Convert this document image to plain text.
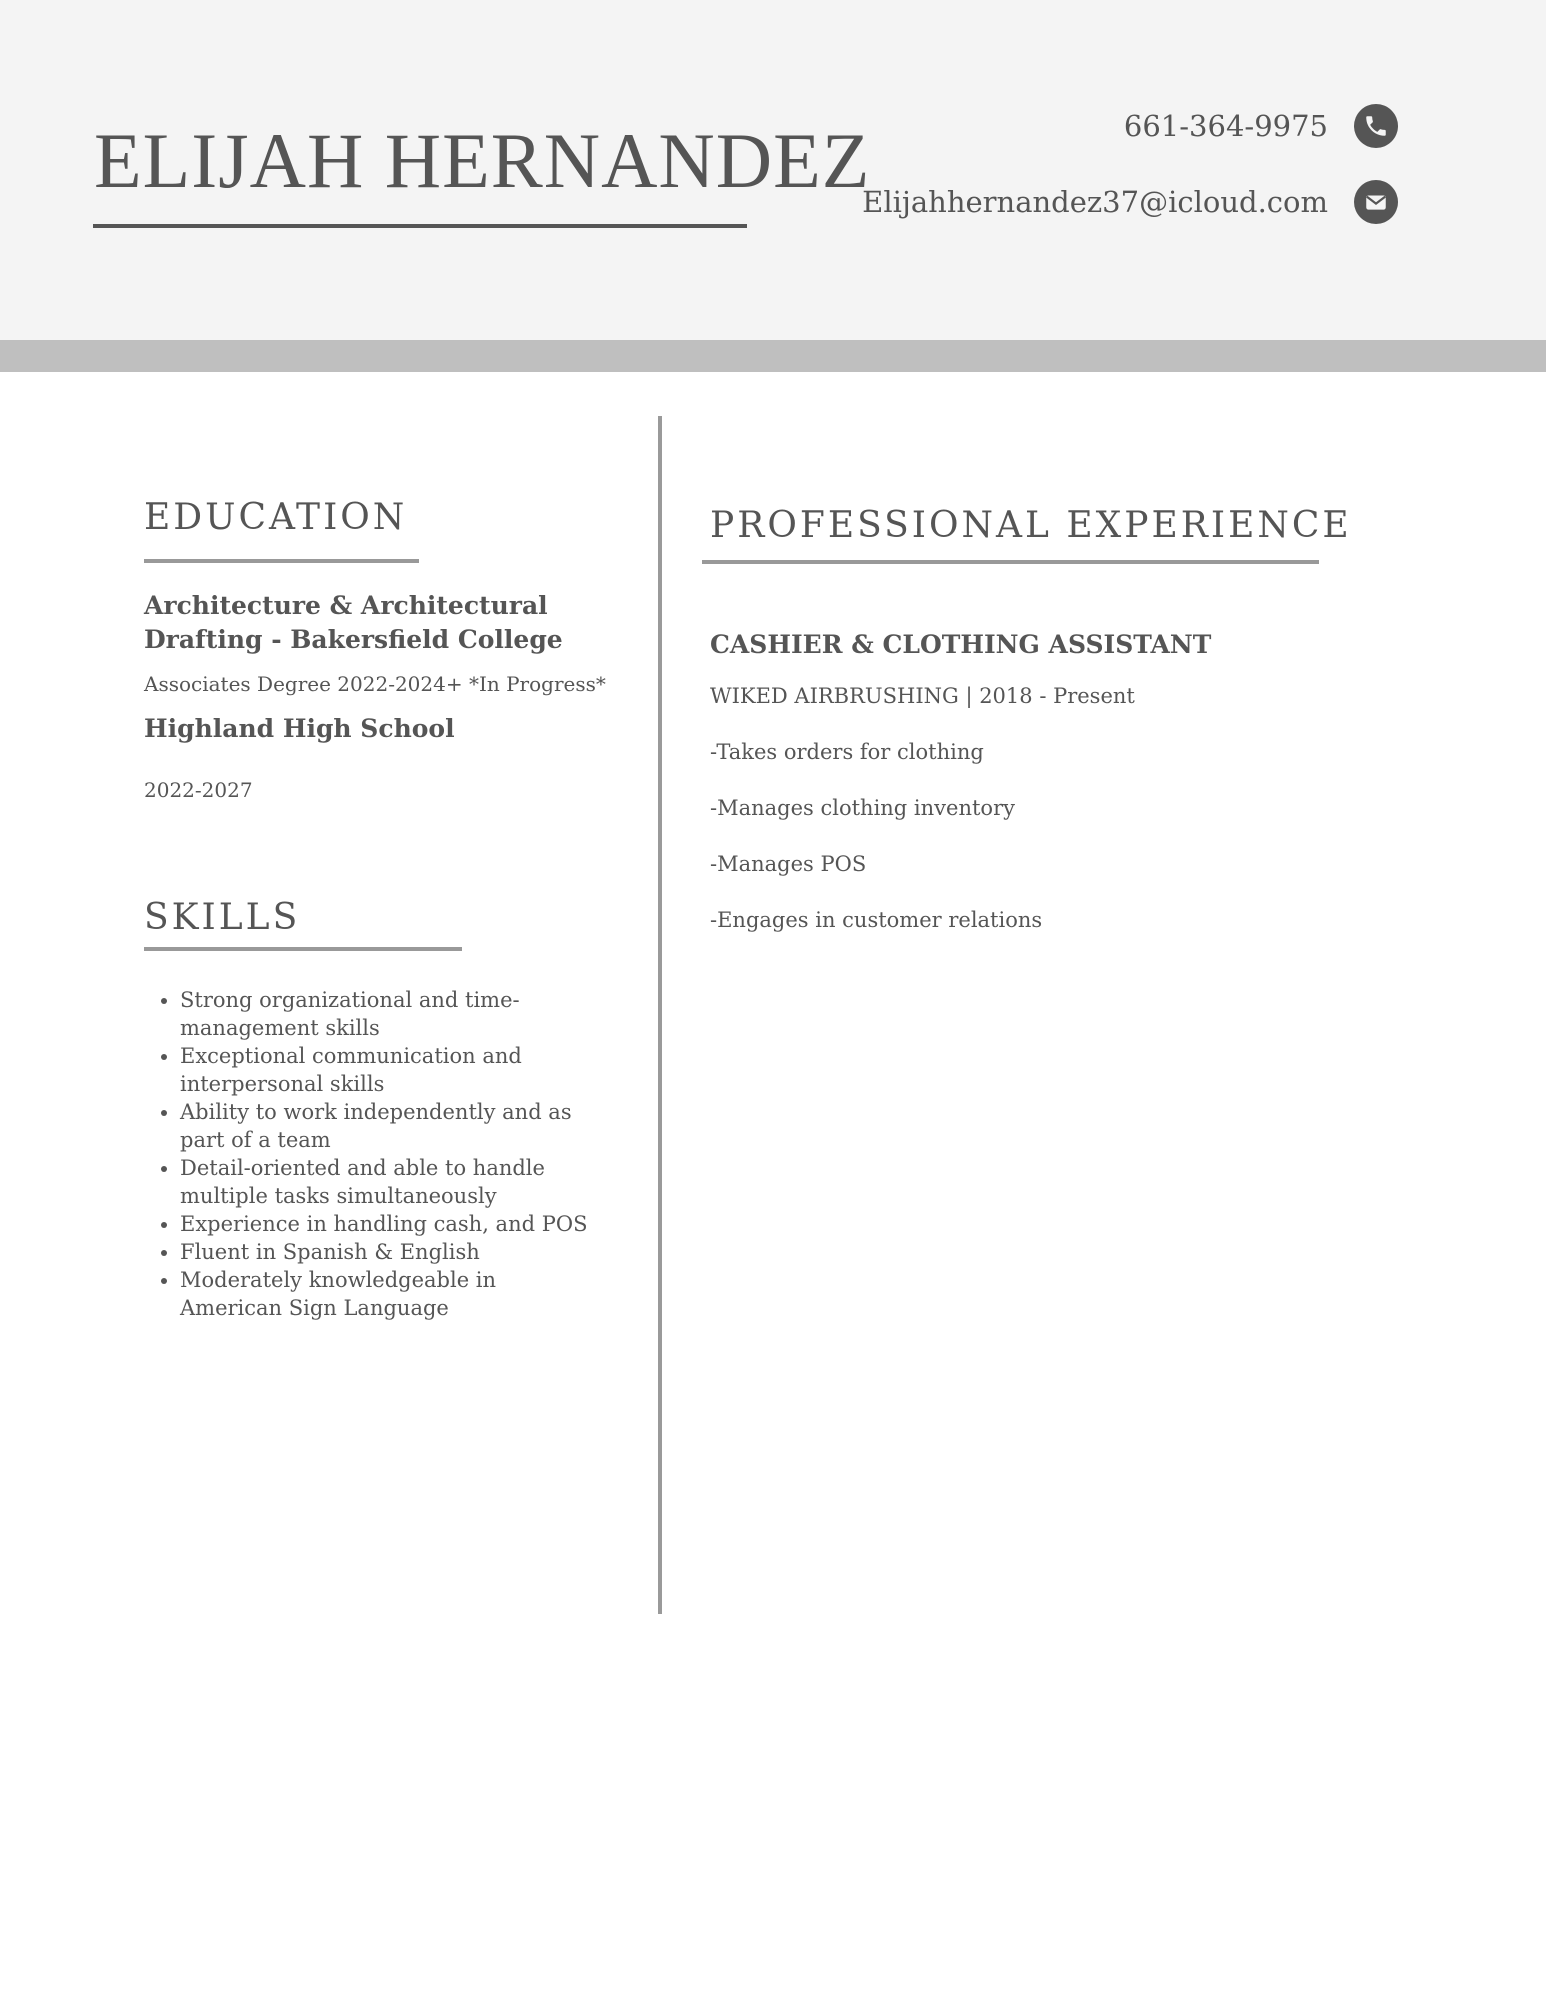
ELIJAH HERNANDEZ	661-364-9975
Elijahhernandez37@icloud.com
EDUCATION

Architecture & Architectural Drafting - Bakersfield College

Associates Degree 2022-2024+ *In Progress*

Highland High School

2022-2027
SKILLS
• Strong organizational and time-management skills
• Exceptional communication and interpersonal skills
• Ability to work independently and as part of a team
• Detail-oriented and able to handle multiple tasks simultaneously
• Experience in handling cash, and POS
• Fluent in Spanish & English
• Moderately knowledgeable in American Sign Language
PROFESSIONAL EXPERIENCE
CASHIER & CLOTHING ASSISTANT
WIKED AIRBRUSHING | 2018 - Present
-Takes orders for clothing
-Manages clothing inventory
-Manages POS
-Engages in customer relations
